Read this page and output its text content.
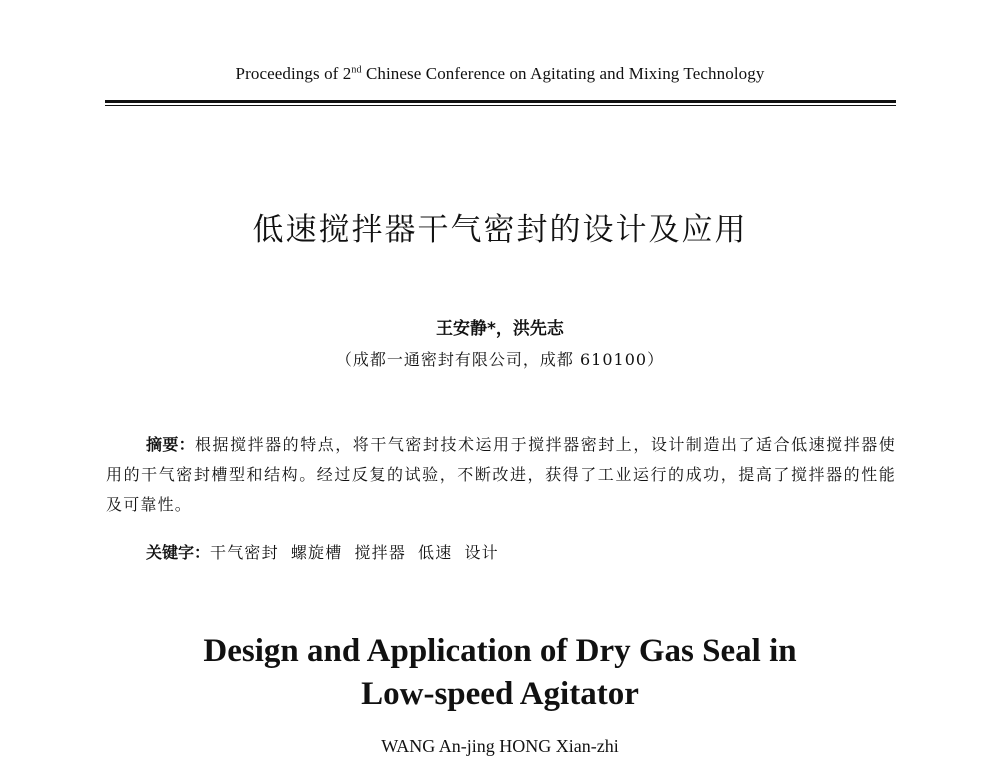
Proceedings of 2nd Chinese Conference on Agitating and Mixing Technology
低速搅拌器干气密封的设计及应用
王安静*，洪先志
（成都一通密封有限公司，成都 610100）

摘要：根据搅拌器的特点，将干气密封技术运用于搅拌器密封上，设计制造出了适合低速搅拌器使用的干气密封槽型和结构。经过反复的试验，不断改进，获得了工业运行的成功，提高了搅拌器的性能及可靠性。

关键字：干气密封 螺旋槽 搅拌器 低速 设计
Design and Application of Dry Gas Seal in
Low-speed Agitator
WANG An-jing HONG Xian-zhi
